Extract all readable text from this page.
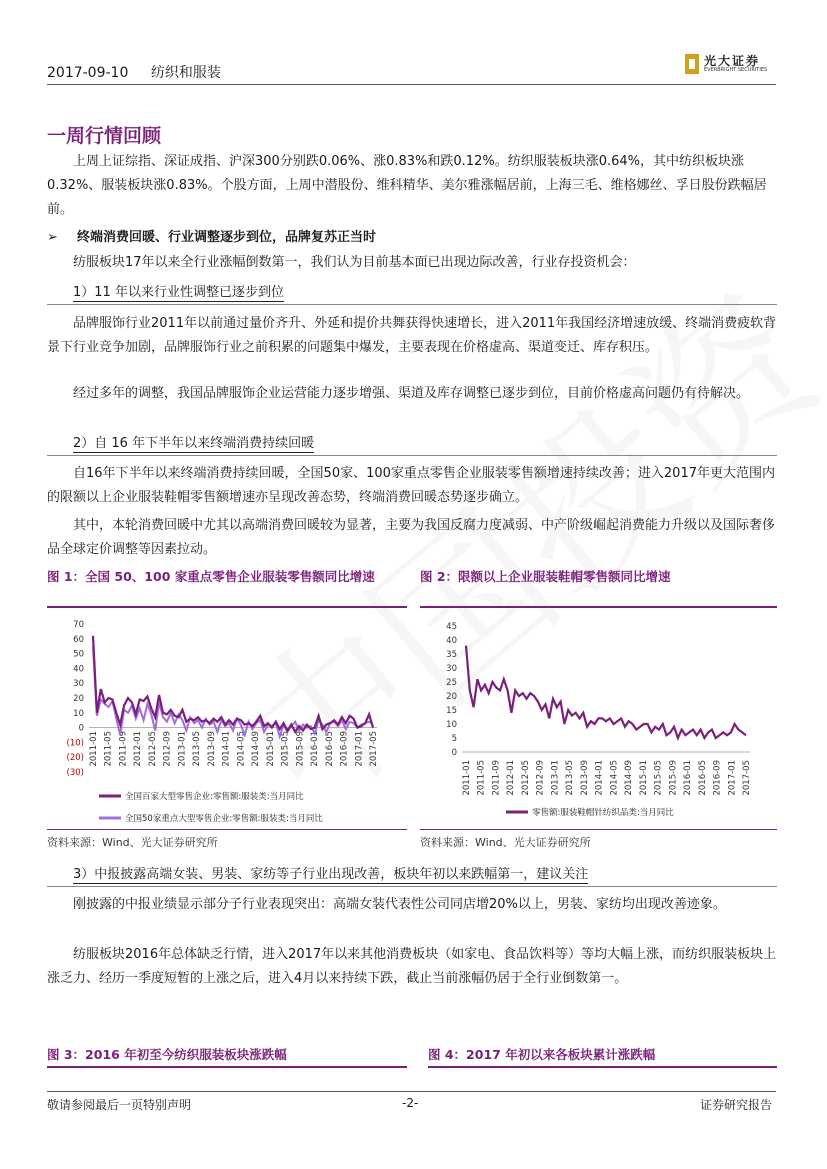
2017-09-10 纺织和服装
光大证券
EVERBRIGHT SECURITIES
一周行情回顾
上周上证综指、深证成指、沪深300分别跌0.06%、涨0.83%和跌0.12%。纺织服装板块涨0.64%，其中纺织板块涨0.32%、服装板块涨0.83%。个股方面，上周中潜股份、维科精华、美尔雅涨幅居前，上海三毛、维格娜丝、孚日股份跌幅居前。
➢ 终端消费回暖、行业调整逐步到位，品牌复苏正当时
纺服板块17年以来全行业涨幅倒数第一，我们认为目前基本面已出现边际改善，行业存投资机会：
1）11 年以来行业性调整已逐步到位
品牌服饰行业2011年以前通过量价齐升、外延和提价共舞获得快速增长，进入2011年我国经济增速放缓、终端消费疲软背景下行业竞争加剧，品牌服饰行业之前积累的问题集中爆发，主要表现在价格虚高、渠道变迁、库存积压。
经过多年的调整，我国品牌服饰企业运营能力逐步增强、渠道及库存调整已逐步到位，目前价格虚高问题仍有待解决。
2）自 16 年下半年以来终端消费持续回暖
自16年下半年以来终端消费持续回暖，全国50家、100家重点零售企业服装零售额增速持续改善；进入2017年更大范围内的限额以上企业服装鞋帽零售额增速亦呈现改善态势，终端消费回暖态势逐步确立。
其中，本轮消费回暖中尤其以高端消费回暖较为显著，主要为我国反腐力度减弱、中产阶级崛起消费能力升级以及国际奢侈品全球定价调整等因素拉动。
图 1：全国 50、100 家重点零售企业服装零售额同比增速
70
60
50
40
30
20
10
0
(10)
(20)
(30)
2011-01 2011-05 2011-09 2012-01 2012-05 2012-09 2013-01 2013-05 2013-09 2014-01 2014-05 2014-09 2015-01 2015-05 2015-09 2016-01 2016-05 2016-09 2017-01 2017-05
全国百家大型零售企业:零售额:服装类:当月同比
全国50家重点大型零售企业:零售额:服装类:当月同比
资料来源：Wind、光大证券研究所
图 2：限额以上企业服装鞋帽零售额同比增速
45
40
35
30
25
20
15
10
5
0
2011-01 2011-05 2011-09 2012-01 2012-05 2012-09 2013-01 2013-05 2013-09 2014-01 2014-05 2014-09 2015-01 2015-05 2015-09 2016-01 2016-05 2016-09 2017-01 2017-05
零售额:服装鞋帽针纺织品类:当月同比
资料来源：Wind、光大证券研究所
3）中报披露高端女装、男装、家纺等子行业出现改善，板块年初以来跌幅第一，建议关注
刚披露的中报业绩显示部分子行业表现突出：高端女装代表性公司同店增20%以上，男装、家纺均出现改善迹象。
纺服板块2016年总体缺乏行情，进入2017年以来其他消费板块（如家电、食品饮料等）等均大幅上涨，而纺织服装板块上涨乏力、经历一季度短暂的上涨之后，进入4月以来持续下跌，截止当前涨幅仍居于全行业倒数第一。
图 3：2016 年初至今纺织服装板块涨跌幅	图 4：2017 年初以来各板块累计涨跌幅
敬请参阅最后一页特别声明	-2-	证券研究报告
